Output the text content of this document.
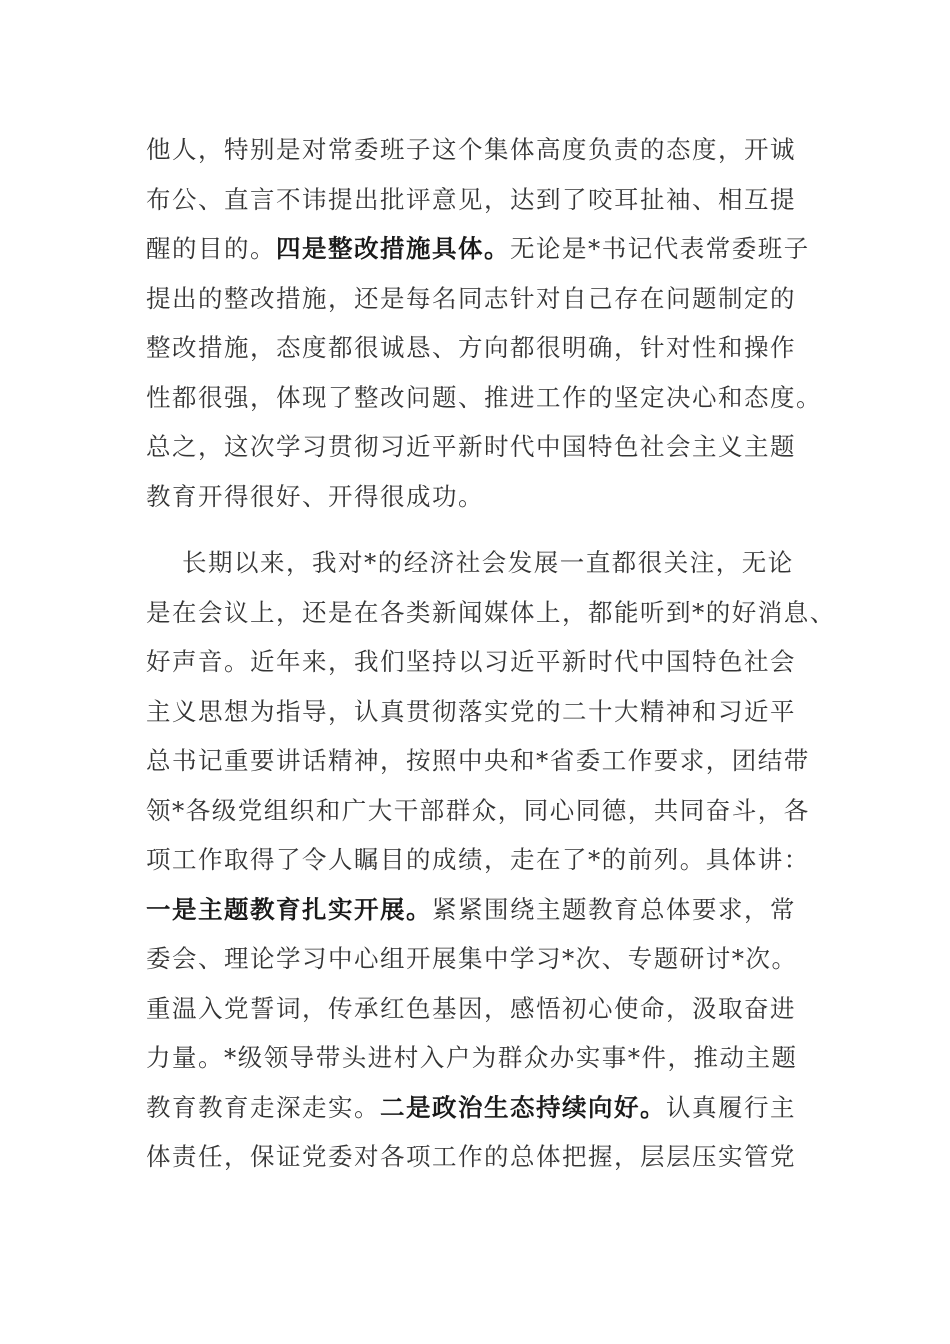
他人，特别是对常委班子这个集体高度负责的态度，开诚
布公、直言不讳提出批评意见，达到了咬耳扯袖、相互提
醒的目的。四是整改措施具体。无论是*书记代表常委班子
提出的整改措施，还是每名同志针对自己存在问题制定的
整改措施，态度都很诚恳、方向都很明确，针对性和操作
性都很强，体现了整改问题、推进工作的坚定决心和态度。
总之，这次学习贯彻习近平新时代中国特色社会主义主题
教育开得很好、开得很成功。
长期以来，我对*的经济社会发展一直都很关注，无论
是在会议上，还是在各类新闻媒体上，都能听到*的好消息、
好声音。近年来，我们坚持以习近平新时代中国特色社会
主义思想为指导，认真贯彻落实党的二十大精神和习近平
总书记重要讲话精神，按照中央和*省委工作要求，团结带
领*各级党组织和广大干部群众，同心同德，共同奋斗，各
项工作取得了令人瞩目的成绩，走在了*的前列。具体讲：
一是主题教育扎实开展。紧紧围绕主题教育总体要求，常
委会、理论学习中心组开展集中学习*次、专题研讨*次。
重温入党誓词，传承红色基因，感悟初心使命，汲取奋进
力量。*级领导带头进村入户为群众办实事*件，推动主题
教育教育走深走实。二是政治生态持续向好。认真履行主
体责任，保证党委对各项工作的总体把握，层层压实管党
